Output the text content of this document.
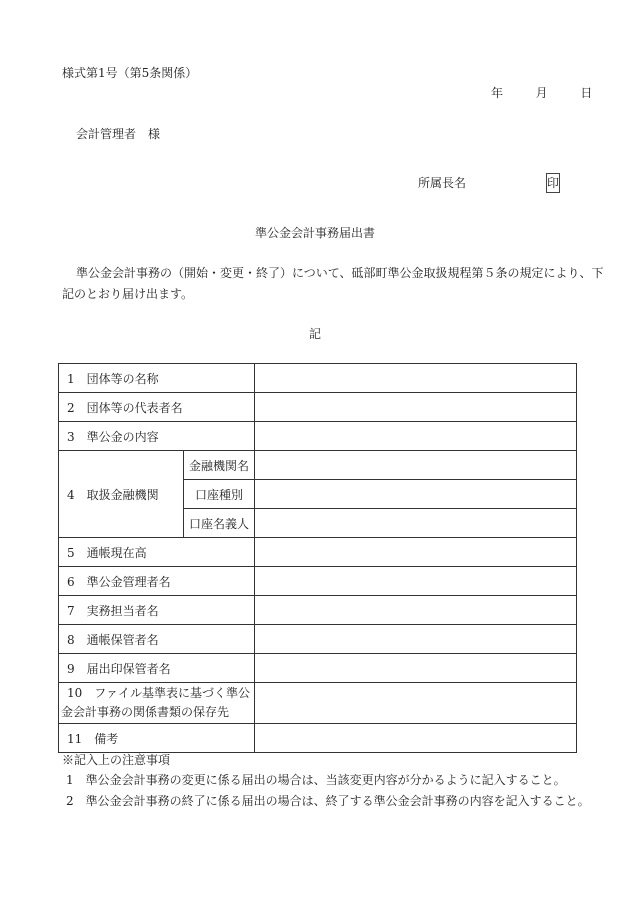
様式第1号（第5条関係）
年	月	日
会計管理者　様
所属長名	印
準公金会計事務届出書
準公金会計事務の（開始・変更・終了）について、砥部町準公金取扱規程第５条の規定により、下
記のとおり届け出ます。
記
1　団体等の名称		
2　団体等の代表者名		
3　準公金の内容		
4　取扱金融機関	金融機関名	
	口座種別	
	口座名義人	
5　通帳現在高		
6　準公金管理者名		
7　実務担当者名		
8　通帳保管者名		
9　届出印保管者名		

10　ファイル基準表に基づく準公
金会計事務の関係書類の保存先		

11　備考		
※記入上の注意事項
1　準公金会計事務の変更に係る届出の場合は、当該変更内容が分かるように記入すること。
2　準公金会計事務の終了に係る届出の場合は、終了する準公金会計事務の内容を記入すること。
